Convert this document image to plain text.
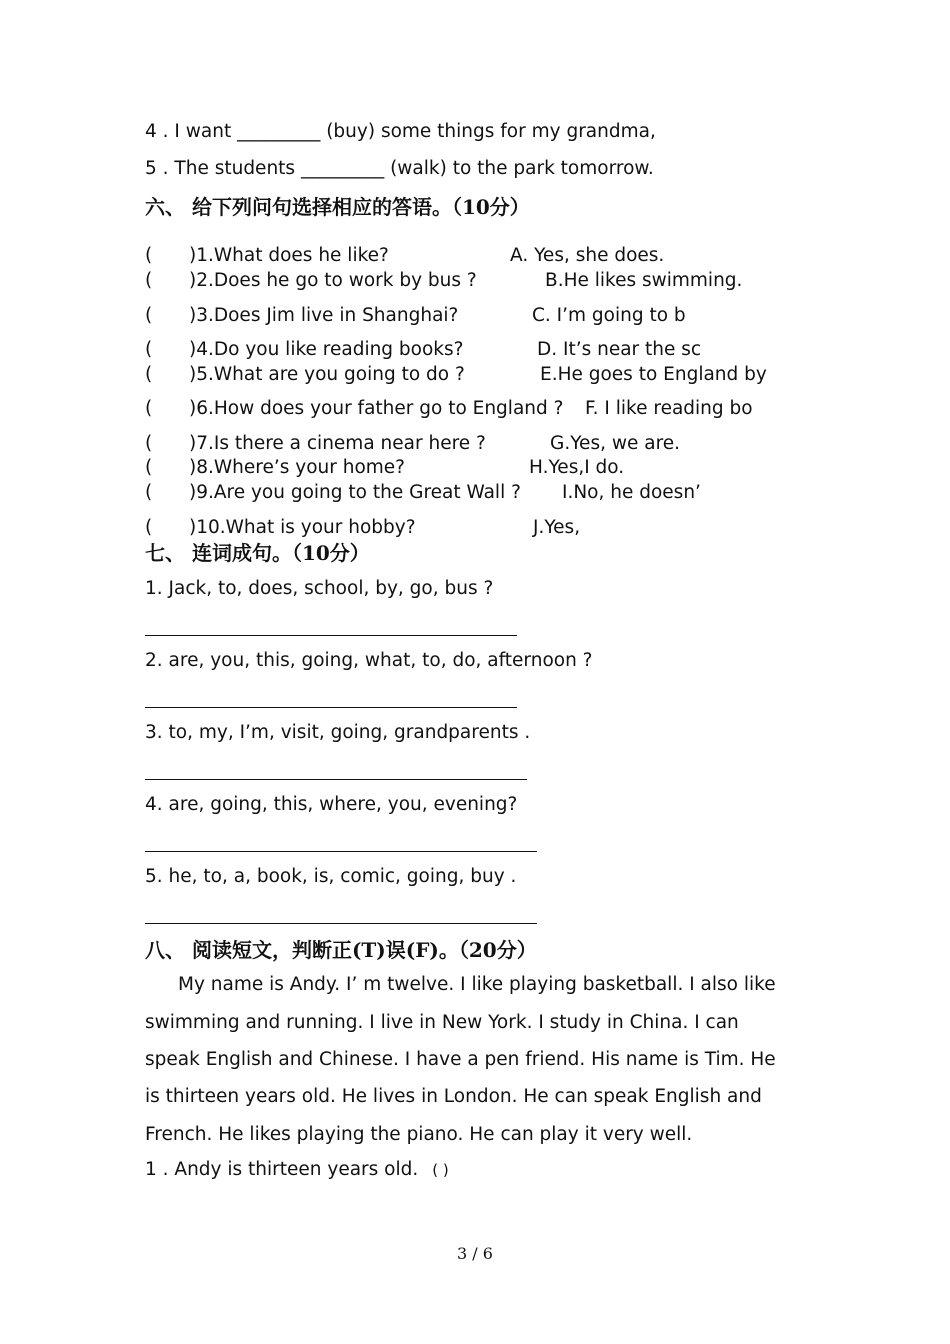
4 . I want _________ (buy) some things for my grandma,
5 . The students _________ (walk) to the park tomorrow.
六、 给下列问句选择相应的答语。（10分）
( )1.What does he like?	A. Yes, she does.
( )2.Does he go to work by bus ?	B.He likes swimming.
( )3.Does Jim live in Shanghai?	C. I’m going to b
( )4.Do you like reading books?	D. It’s near the sc
( )5.What are you going to do ?	E.He goes to England by
( )6.How does your father go to England ? F. I like reading bo
( )7.Is there a cinema near here ?	G.Yes, we are.
( )8.Where’s your home?	H.Yes,I do.
( )9.Are you going to the Great Wall ? I.No, he doesn’
( )10.What is your hobby?	J.Yes,
七、 连词成句。（10分）
1. Jack, to, does, school, by, go, bus ?
2. are, you, this, going, what, to, do, afternoon ?
3. to, my, I’m, visit, going, grandparents .
4. are, going, this, where, you, evening?
5. he, to, a, book, is, comic, going, buy .
八、 阅读短文，判断正(T)误(F)。（20分）
My name is Andy. I’ m twelve. I like playing basketball. I also like
swimming and running. I live in New York. I study in China. I can
speak English and Chinese. I have a pen friend. His name is Tim. He
is thirteen years old. He lives in London. He can speak English and
French. He likes playing the piano. He can play it very well.
1 . Andy is thirteen years old. ( )
3 / 6
